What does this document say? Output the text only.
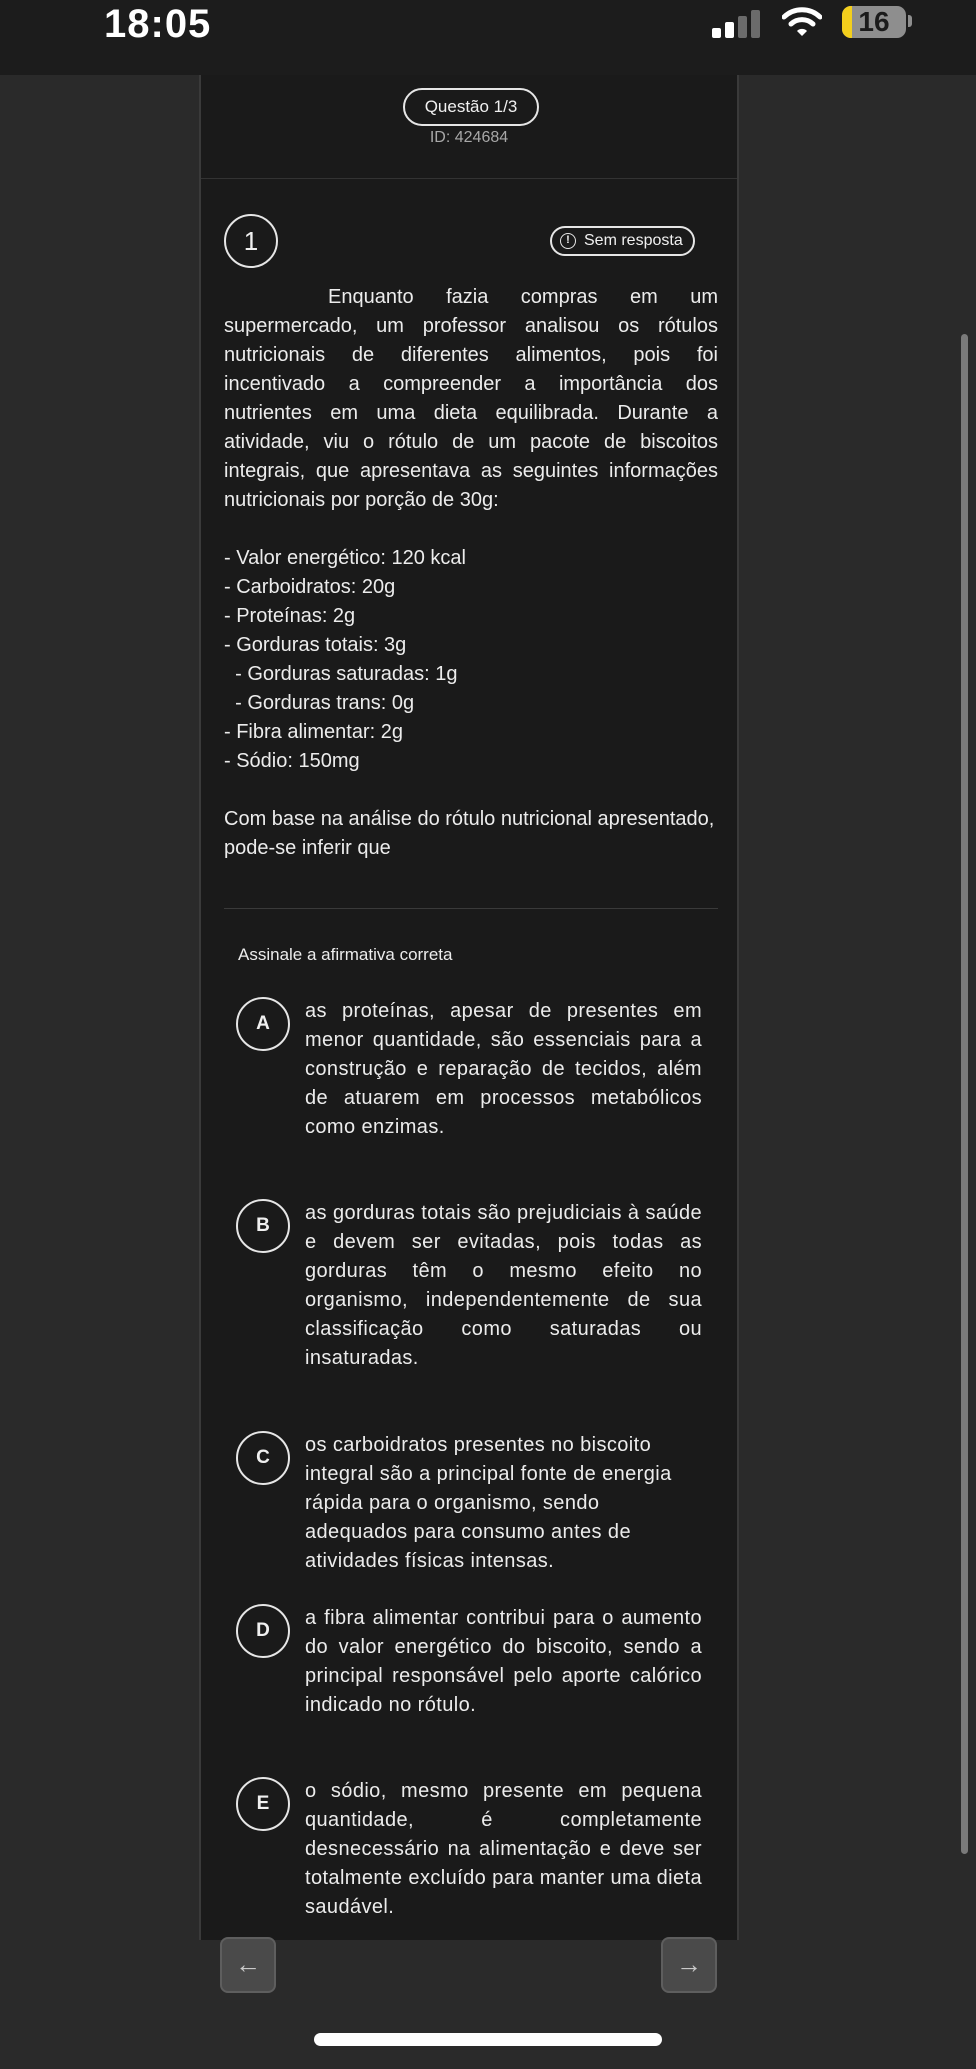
18:05	16
Questão 1/3
ID: 424684
1	! Sem resposta
Enquanto fazia compras em um supermercado, um professor analisou os rótulos nutricionais de diferentes alimentos, pois foi incentivado a compreender a importância dos nutrientes em uma dieta equilibrada. Durante a atividade, viu o rótulo de um pacote de biscoitos integrais, que apresentava as seguintes informações nutricionais por porção de 30g:
- Valor energético: 120 kcal
- Carboidratos: 20g
- Proteínas: 2g
- Gorduras totais: 3g
- Gorduras saturadas: 1g
- Gorduras trans: 0g
- Fibra alimentar: 2g
- Sódio: 150mg
Com base na análise do rótulo nutricional apresentado, pode-se inferir que
Assinale a afirmativa correta
A
as proteínas, apesar de presentes em menor quantidade, são essenciais para a construção e reparação de tecidos, além de atuarem em processos metabólicos como enzimas.
B
as gorduras totais são prejudiciais à saúde e devem ser evitadas, pois todas as gorduras têm o mesmo efeito no organismo, independentemente de sua classificação como saturadas ou insaturadas.
C
os carboidratos presentes no biscoito integral são a principal fonte de energia rápida para o organismo, sendo adequados para consumo antes de atividades físicas intensas.
D
a fibra alimentar contribui para o aumento do valor energético do biscoito, sendo a principal responsável pelo aporte calórico indicado no rótulo.
E
o sódio, mesmo presente em pequena quantidade, é completamente desnecessário na alimentação e deve ser totalmente excluído para manter uma dieta saudável.
←	→
